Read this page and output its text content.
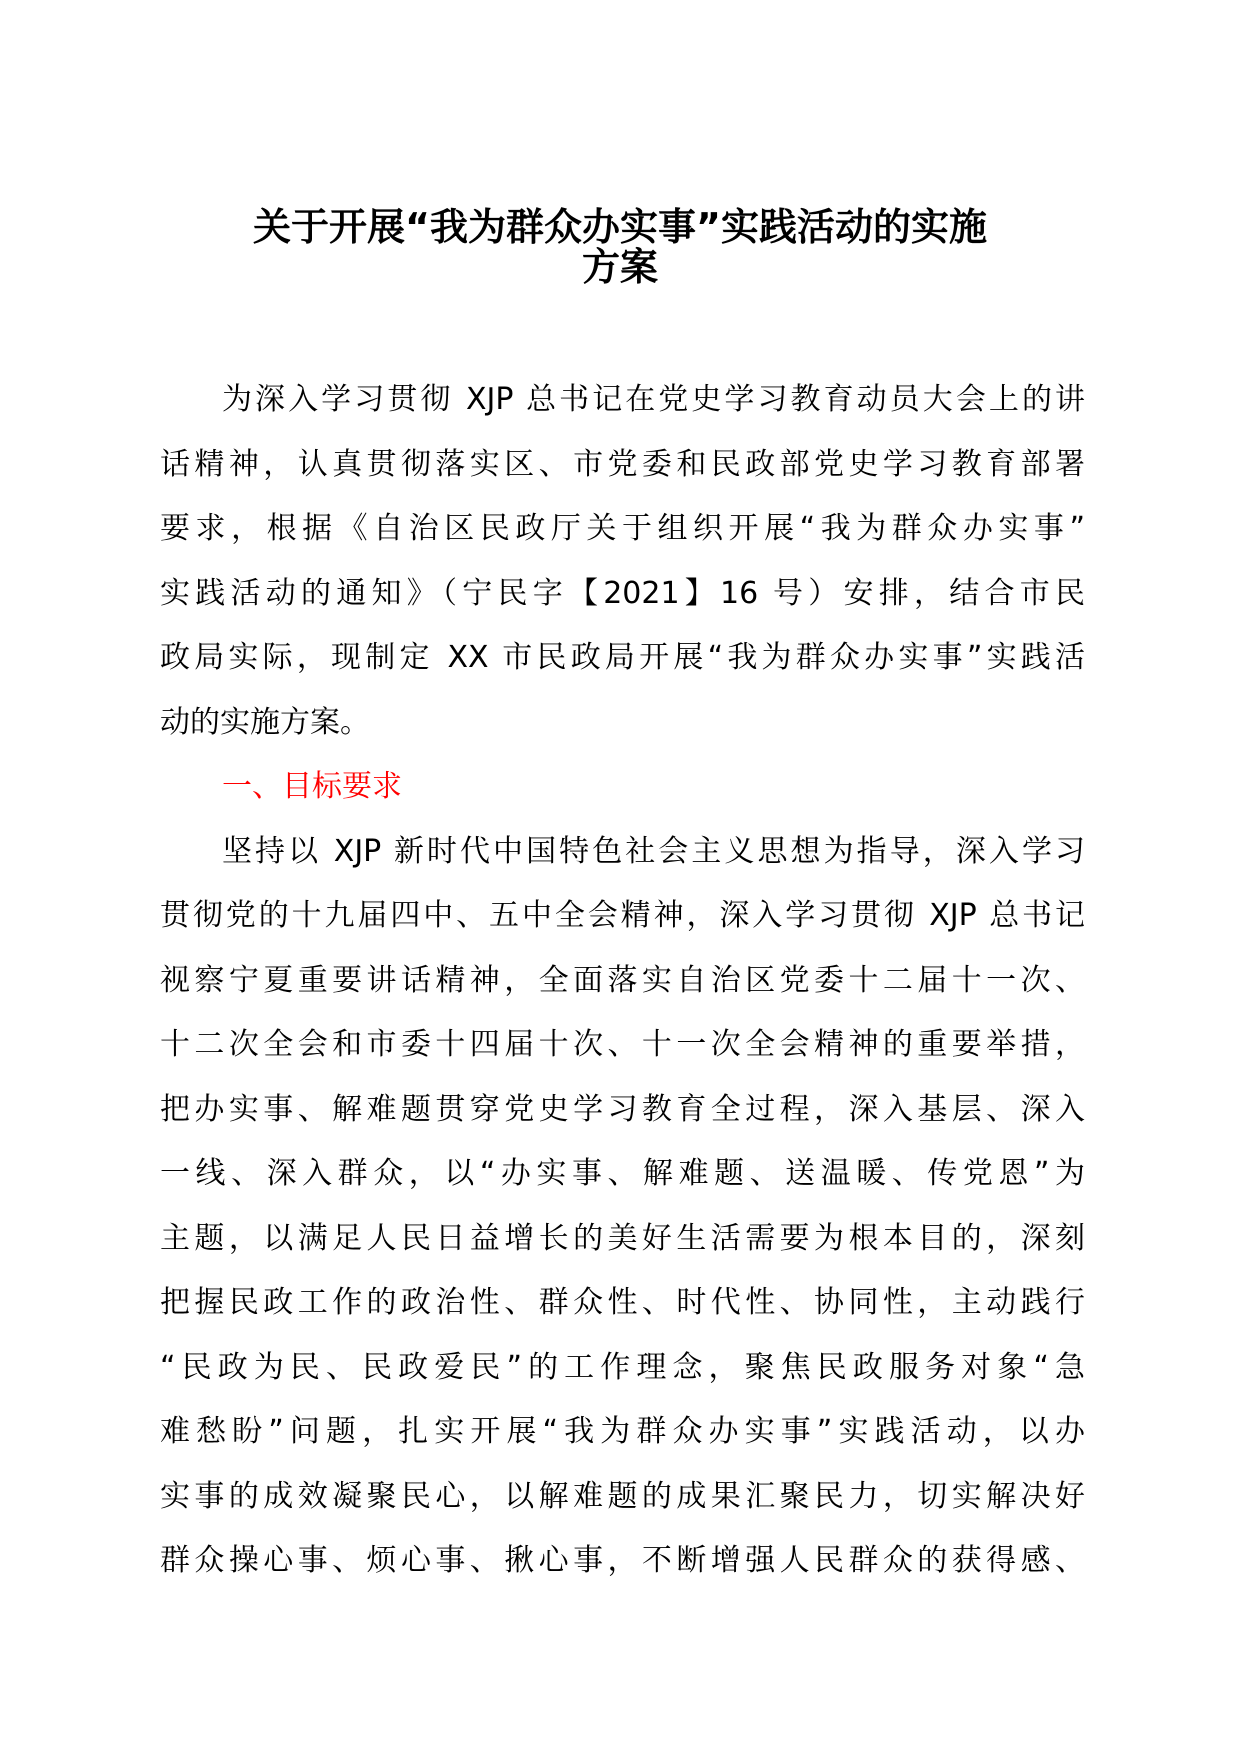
关于开展“我为群众办实事”实践活动的实施
方案
为深入学习贯彻 XJP 总书记在党史学习教育动员大会上的讲
话精神，认真贯彻落实区、市党委和民政部党史学习教育部署
要求，根据《自治区民政厅关于组织开展“我为群众办实事”
实践活动的通知》（宁民字【2021】16 号）安排，结合市民
政局实际，现制定 XX 市民政局开展“我为群众办实事”实践活
动的实施方案。
一、目标要求
坚持以 XJP 新时代中国特色社会主义思想为指导，深入学习
贯彻党的十九届四中、五中全会精神，深入学习贯彻 XJP 总书记
视察宁夏重要讲话精神，全面落实自治区党委十二届十一次、
十二次全会和市委十四届十次、十一次全会精神的重要举措，
把办实事、解难题贯穿党史学习教育全过程，深入基层、深入
一线、深入群众，以“办实事、解难题、送温暖、传党恩”为
主题，以满足人民日益增长的美好生活需要为根本目的，深刻
把握民政工作的政治性、群众性、时代性、协同性，主动践行
“民政为民、民政爱民”的工作理念，聚焦民政服务对象“急
难愁盼”问题，扎实开展“我为群众办实事”实践活动，以办
实事的成效凝聚民心，以解难题的成果汇聚民力，切实解决好
群众操心事、烦心事、揪心事，不断增强人民群众的获得感、
